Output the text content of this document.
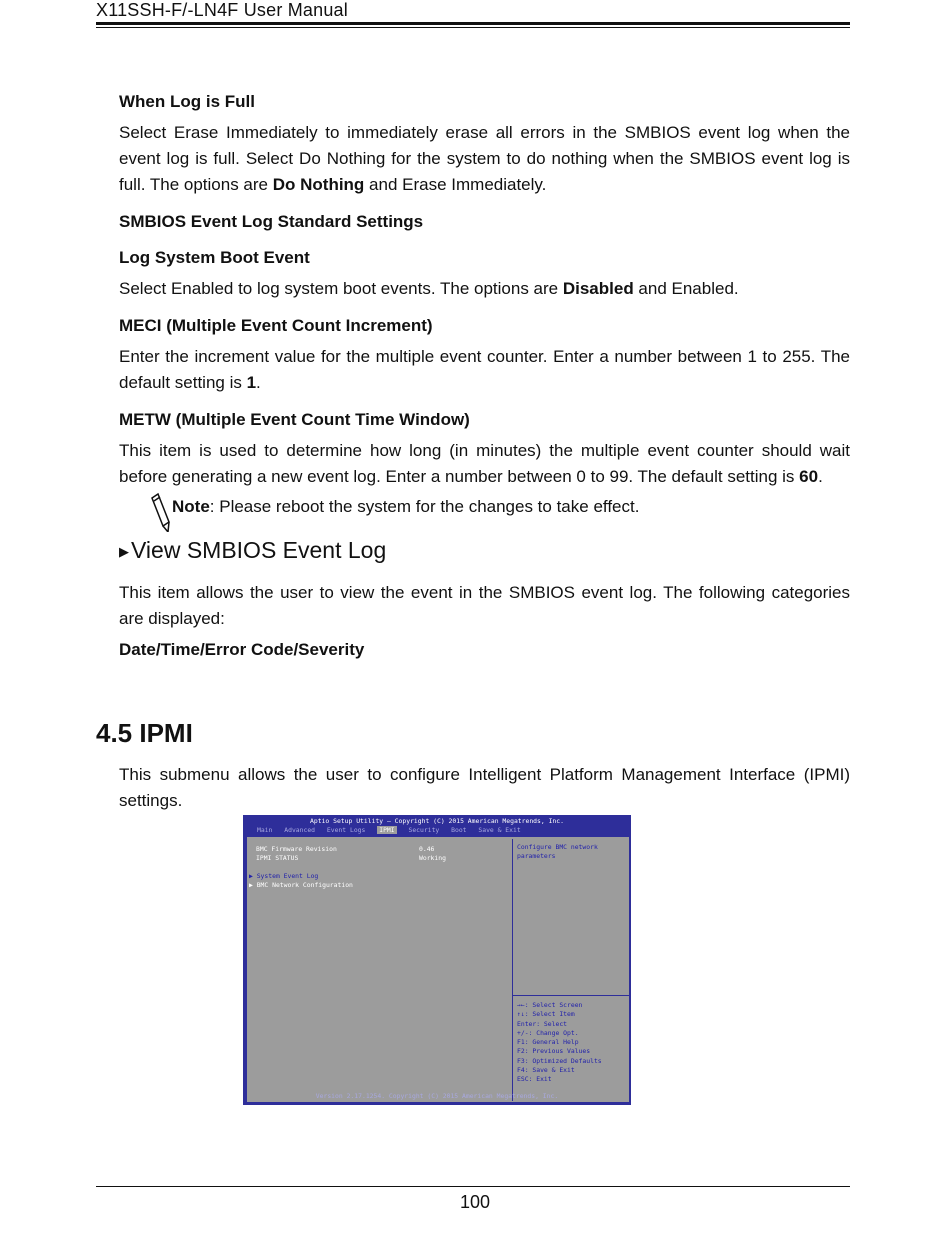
X11SSH-F/-LN4F User Manual
When Log is Full

Select Erase Immediately to immediately erase all errors in the SMBIOS event log when the event log is full. Select Do Nothing for the system to do nothing when the SMBIOS event log is full. The options are Do Nothing and Erase Immediately.

SMBIOS Event Log Standard Settings
Log System Boot Event

Select Enabled to log system boot events. The options are Disabled and Enabled.

MECI (Multiple Event Count Increment)

Enter the increment value for the multiple event counter. Enter a number between 1 to 255. The default setting is 1.

METW (Multiple Event Count Time Window)

This item is used to determine how long (in minutes) the multiple event counter should wait before generating a new event log. Enter a number between 0 to 99. The default setting is 60.

Note: Please reboot the system for the changes to take effect.
▶View SMBIOS Event Log

This item allows the user to view the event in the SMBIOS event log. The following categories are displayed:

Date/Time/Error Code/Severity
4.5 IPMI

This submenu allows the user to configure Intelligent Platform Management Interface (IPMI) settings.

Aptio Setup Utility – Copyright (C) 2015 American Megatrends, Inc.
Main Advanced Event Logs IPMI Security Boot Save & Exit
BMC Firmware Revision	0.46
IPMI STATUS	Working
▶ System Event Log
▶ BMC Network Configuration
Configure BMC network parameters
→←: Select Screen
↑↓: Select Item
Enter: Select
+/-: Change Opt.
F1: General Help
F2: Previous Values
F3: Optimized Defaults
F4: Save & Exit
ESC: Exit
Version 2.17.1254. Copyright (C) 2015 American Megatrends, Inc.
100
